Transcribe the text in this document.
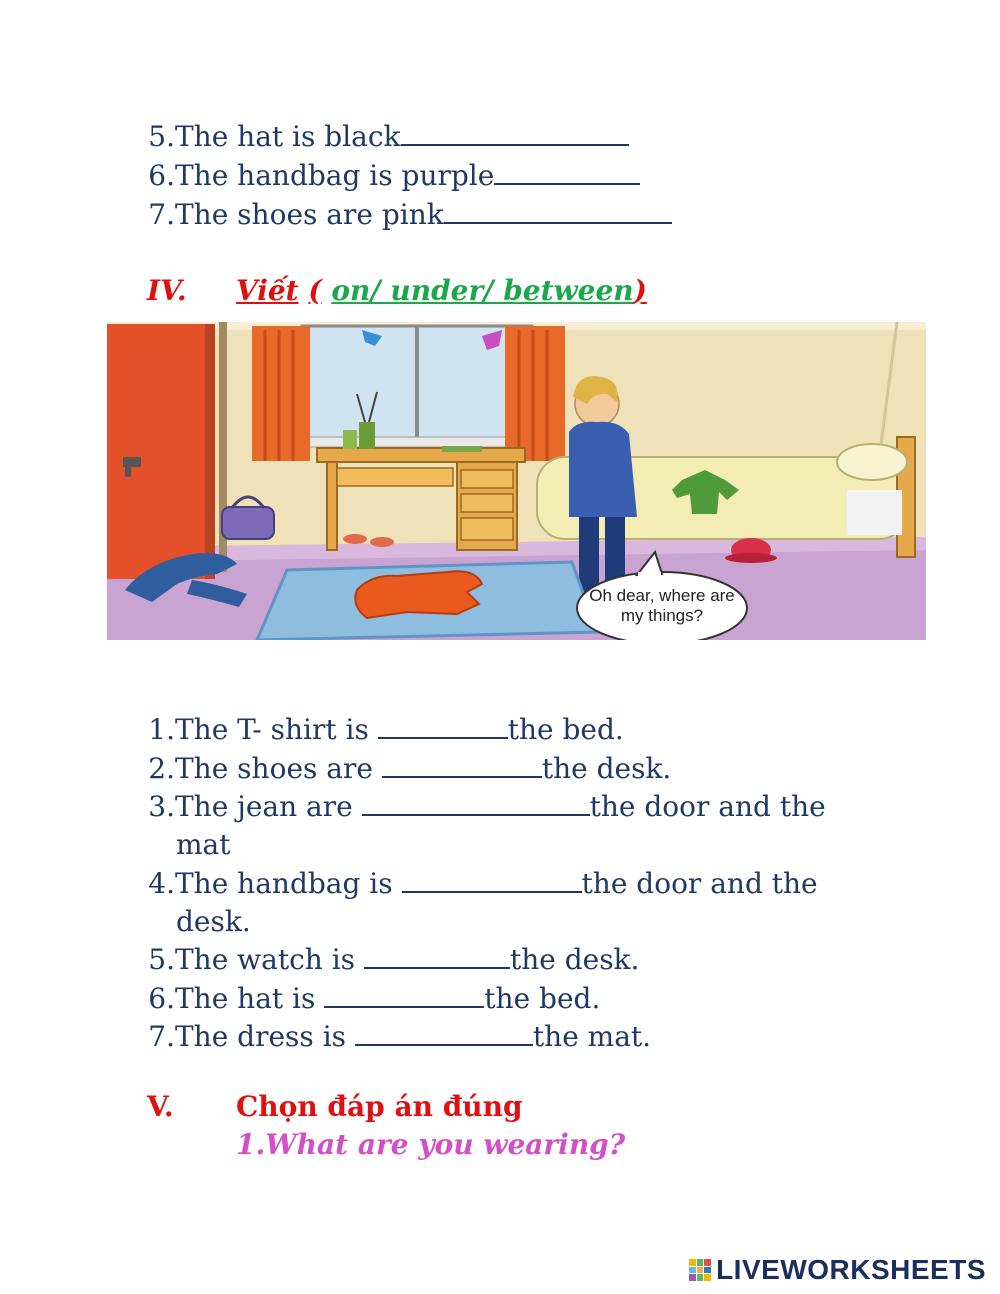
5. The hat is black
6. The handbag is purple
7. The shoes are pink
IV. Viết ( on/ under/ between)
Oh dear, where are my things?
1. The T- shirt is	the bed.
2. The shoes are	the desk.
3. The jean are	the door and the
mat
4. The handbag is	the door and the
desk.
5. The watch is	the desk.
6. The hat is	the bed.
7. The dress is	the mat.
V. Chọn đáp án đúng
1.What are you wearing?
LIVEWORKSHEETS
